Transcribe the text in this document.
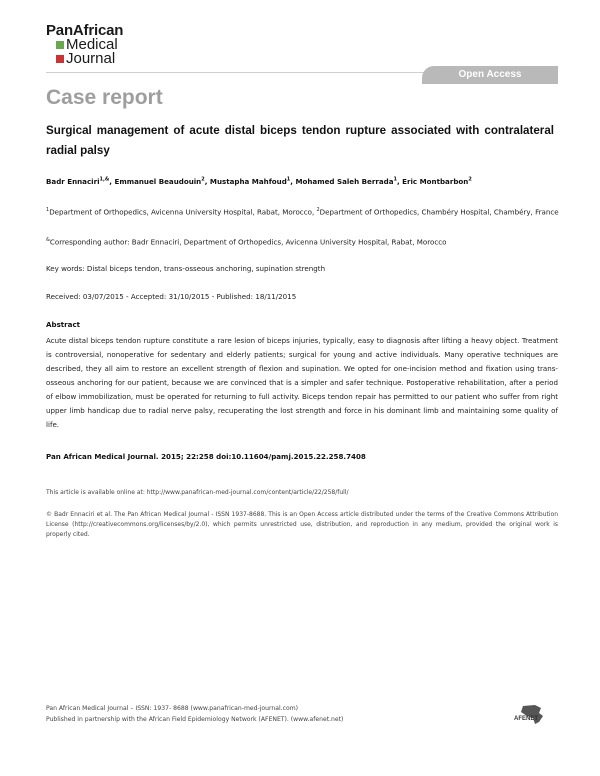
PanAfrican
Medical
Journal
Open Access
Case report
Surgical management of acute distal biceps tendon rupture associated with contralateral radial palsy
Badr Ennaciri$^{1,\&}$, Emmanuel Beaudouin$^2$, Mustapha Mahfoud$^1$, Mohamed Saleh Berrada$^1$, Eric Montbarbon$^2$
$^1$Department of Orthopedics, Avicenna University Hospital, Rabat, Morocco, $^2$Department of Orthopedics, Chambéry Hospital, Chambéry, France
&Corresponding author: Badr Ennaciri, Department of Orthopedics, Avicenna University Hospital, Rabat, Morocco
Key words: Distal biceps tendon, trans-osseous anchoring, supination strength
Received: 03/07/2015 - Accepted: 31/10/2015 - Published: 18/11/2015
Abstract
Acute distal biceps tendon rupture constitute a rare lesion of biceps injuries, typically, easy to diagnosis after lifting a heavy object. Treatment is controversial, nonoperative for sedentary and elderly patients; surgical for young and active individuals. Many operative techniques are described, they all aim to restore an excellent strength of flexion and supination. We opted for one-incision method and fixation using trans-osseous anchoring for our patient, because we are convinced that is a simpler and safer technique. Postoperative rehabilitation, after a period of elbow immobilization, must be operated for returning to full activity. Biceps tendon repair has permitted to our patient who suffer from right upper limb handicap due to radial nerve palsy, recuperating the lost strength and force in his dominant limb and maintaining some quality of life.
Pan African Medical Journal. 2015; 22:258 doi:10.11604/pamj.2015.22.258.7408
This article is available online at: http://www.panafrican-med-journal.com/content/article/22/258/full/
© Badr Ennaciri et al. The Pan African Medical Journal - ISSN 1937-8688. This is an Open Access article distributed under the terms of the Creative Commons Attribution License (http://creativecommons.org/licenses/by/2.0), which permits unrestricted use, distribution, and reproduction in any medium, provided the original work is properly cited.
Pan African Medical Journal – ISSN: 1937- 8688 (www.panafrican-med-journal.com)
Published in partnership with the African Field Epidemiology Network (AFENET). (www.afenet.net)	AFENET
